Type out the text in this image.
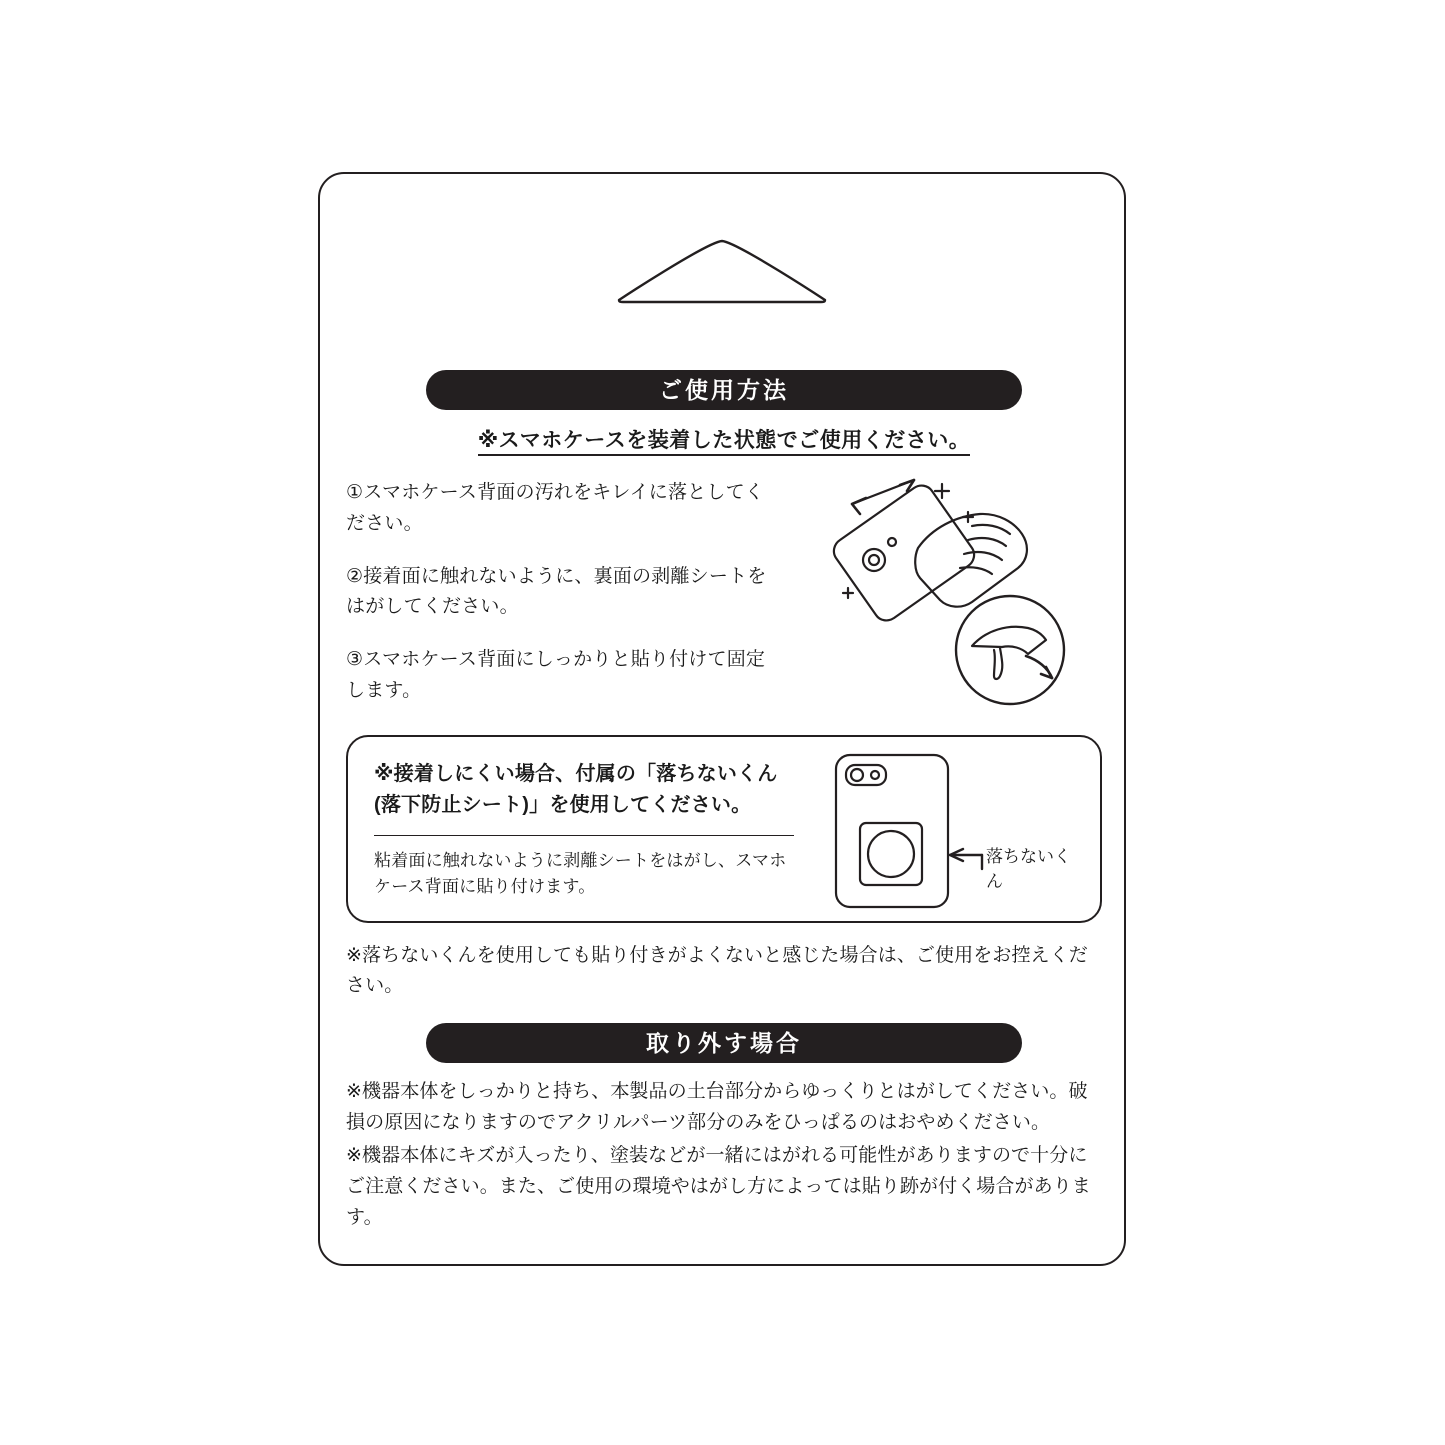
ご使用方法
※スマホケースを装着した状態でご使用ください。
①スマホケース背面の汚れをキレイに落としてください。
②接着面に触れないように、裏面の剥離シートをはがしてください。
③スマホケース背面にしっかりと貼り付けて固定します。
※接着しにくい場合、付属の「落ちないくん(落下防止シート)」を使用してください。
粘着面に触れないように剥離シートをはがし、スマホケース背面に貼り付けます。
落ちないくん
※落ちないくんを使用しても貼り付きがよくないと感じた場合は、ご使用をお控えください。
取り外す場合

※機器本体をしっかりと持ち、本製品の土台部分からゆっくりとはがしてください。破損の原因になりますのでアクリルパーツ部分のみをひっぱるのはおやめください。

※機器本体にキズが入ったり、塗装などが一緒にはがれる可能性がありますので十分にご注意ください。また、ご使用の環境やはがし方によっては貼り跡が付く場合があります。
